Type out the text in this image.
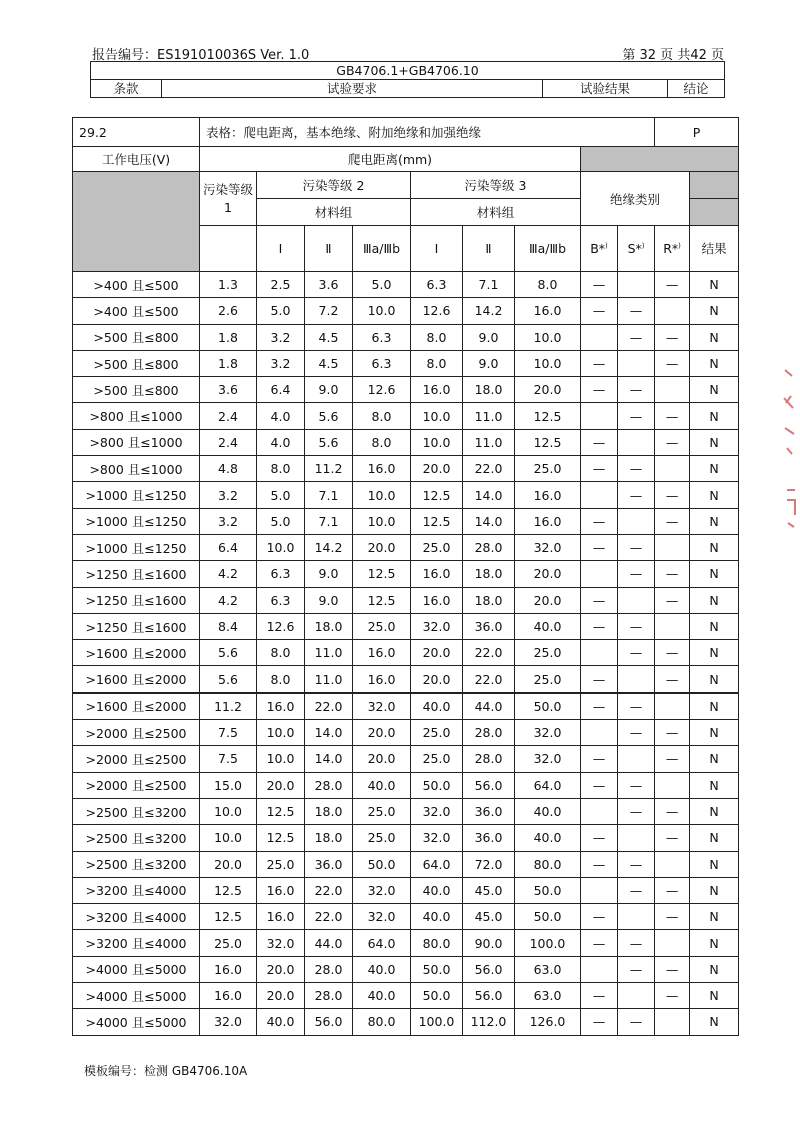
报告编号：ES191010036S Ver. 1.0	第 32 页 共42 页
GB4706.1+GB4706.10
条款	试验要求	试验结果	结论
29.2	表格：爬电距离，基本绝缘、附加绝缘和加强绝缘									P	
工作电压(V)	爬电距离(mm)										
	污染等级 1	污染等级 2			污染等级 3			绝缘类别			
		材料组			材料组						
		Ⅰ	Ⅱ	Ⅲa/Ⅲb	Ⅰ	Ⅱ	Ⅲa/Ⅲb	B*)	S*)	R*)	结果
>400 且≤500	1.3	2.5	3.6	5.0	6.3	7.1	8.0	—		—	N
>400 且≤500	2.6	5.0	7.2	10.0	12.6	14.2	16.0	—	—		N
>500 且≤800	1.8	3.2	4.5	6.3	8.0	9.0	10.0		—	—	N
>500 且≤800	1.8	3.2	4.5	6.3	8.0	9.0	10.0	—		—	N
>500 且≤800	3.6	6.4	9.0	12.6	16.0	18.0	20.0	—	—		N
>800 且≤1000	2.4	4.0	5.6	8.0	10.0	11.0	12.5		—	—	N
>800 且≤1000	2.4	4.0	5.6	8.0	10.0	11.0	12.5	—		—	N
>800 且≤1000	4.8	8.0	11.2	16.0	20.0	22.0	25.0	—	—		N
>1000 且≤1250	3.2	5.0	7.1	10.0	12.5	14.0	16.0		—	—	N
>1000 且≤1250	3.2	5.0	7.1	10.0	12.5	14.0	16.0	—		—	N
>1000 且≤1250	6.4	10.0	14.2	20.0	25.0	28.0	32.0	—	—		N
>1250 且≤1600	4.2	6.3	9.0	12.5	16.0	18.0	20.0		—	—	N
>1250 且≤1600	4.2	6.3	9.0	12.5	16.0	18.0	20.0	—		—	N
>1250 且≤1600	8.4	12.6	18.0	25.0	32.0	36.0	40.0	—	—		N
>1600 且≤2000	5.6	8.0	11.0	16.0	20.0	22.0	25.0		—	—	N
>1600 且≤2000	5.6	8.0	11.0	16.0	20.0	22.0	25.0	—		—	N
>1600 且≤2000	11.2	16.0	22.0	32.0	40.0	44.0	50.0	—	—		N
>2000 且≤2500	7.5	10.0	14.0	20.0	25.0	28.0	32.0		—	—	N
>2000 且≤2500	7.5	10.0	14.0	20.0	25.0	28.0	32.0	—		—	N
>2000 且≤2500	15.0	20.0	28.0	40.0	50.0	56.0	64.0	—	—		N
>2500 且≤3200	10.0	12.5	18.0	25.0	32.0	36.0	40.0		—	—	N
>2500 且≤3200	10.0	12.5	18.0	25.0	32.0	36.0	40.0	—		—	N
>2500 且≤3200	20.0	25.0	36.0	50.0	64.0	72.0	80.0	—	—		N
>3200 且≤4000	12.5	16.0	22.0	32.0	40.0	45.0	50.0		—	—	N
>3200 且≤4000	12.5	16.0	22.0	32.0	40.0	45.0	50.0	—		—	N
>3200 且≤4000	25.0	32.0	44.0	64.0	80.0	90.0	100.0	—	—		N
>4000 且≤5000	16.0	20.0	28.0	40.0	50.0	56.0	63.0		—	—	N
>4000 且≤5000	16.0	20.0	28.0	40.0	50.0	56.0	63.0	—		—	N
>4000 且≤5000	32.0	40.0	56.0	80.0	100.0	112.0	126.0	—	—		N
模板编号：检测 GB4706.10A
